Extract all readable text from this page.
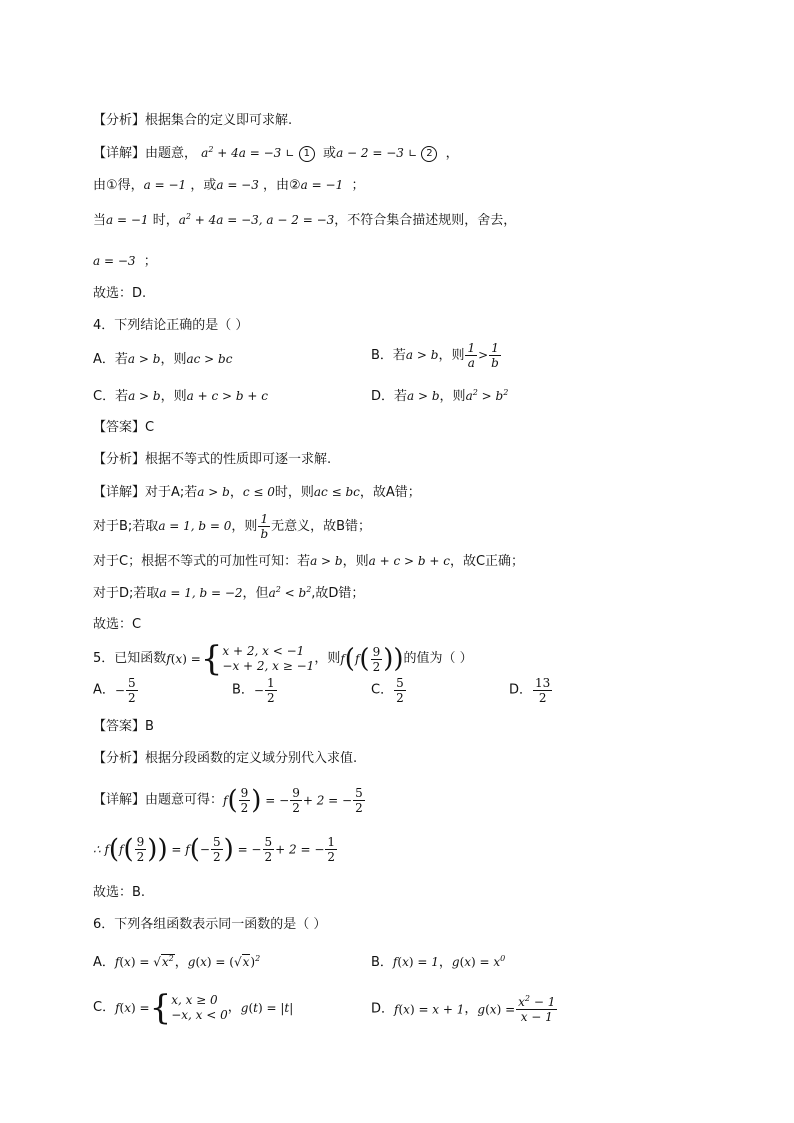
【分析】根据集合的定义即可求解.
【详解】由题意， $a^2 + 4a = -3$ ∟ 1 或a − 2 = −3 ∟ 2  ，
由①得，a = −1 ，或a = −3 ，由②a = −1  ；
当a = −1 时，$a^2 + 4a = -3$, a − 2 = −3，不符合集合描述规则，舍去，
a = −3  ；
故选：D.
4．下列结论正确的是（ ）
A．若a > b，则ac > bc	B．若a > b，则 $\frac{1}{a} > \frac{1}{b}$
C．若a > b，则a + c > b + c	D．若a > b，则$a^2 > b^2$
【答案】C
【分析】根据不等式的性质即可逐一求解.
【详解】对于A;若a > b，c ≤ 0时，则ac ≤ bc，故A错；
对于B;若取a = 1, b = 0，则 $\frac{1}{b}$ 无意义，故B错；
对于C；根据不等式的可加性可知：若a > b，则a + c > b + c，故C正确；
对于D;若取a = 1, b = −2，但$a^2 < b^2$,故D错；
故选：C
5．已知函数f(x) ={ x + 2, x < −1
−x + 2, x ≥ −1 ，则$f(f( \frac{9}{2}$ ))的值为（ ）
A．− $\frac{5}{2}$	B．− $\frac{1}{2}$	C． $\frac{5}{2}$	D． $\frac{13}{2}$
【答案】B
【分析】根据分段函数的定义域分别代入求值.
【详解】由题意可得：$f( \frac{9}{2}$ ) = − $\frac{9}{2} + 2$ = − $\frac{5}{2}$
∴ $f(f( \frac{9}{2}$ )) = $f(- \frac{5}{2}$ ) = − $\frac{5}{2} + 2$ = − $\frac{1}{2}$
故选：B.
6．下列各组函数表示同一函数的是（ ）
A．$f(x) = √x^2$，$g(x) = (√x)^2$	B．f(x) = 1，$g(x) = x^0$
C．f(x) ={ x, x ≥ 0
−x, x < 0 ，g(t) = |t|	D．f(x) = x + 1，$g(x) = \frac{x^2 - 1}{x - 1}$
